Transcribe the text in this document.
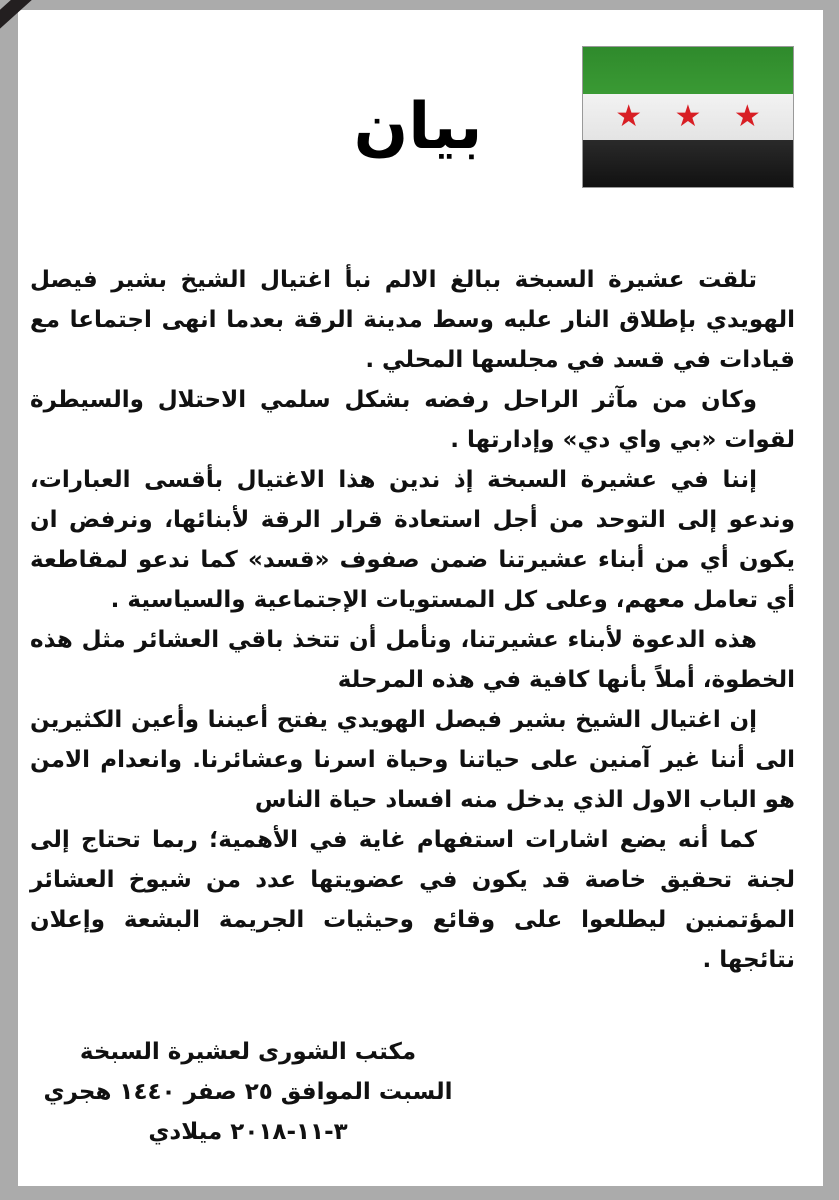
بيان	★ ★ ★

تلقت عشيرة السبخة ببالغ الالم نبأ اغتيال الشيخ بشير فيصل الهويدي بإطلاق النار عليه وسط مدينة الرقة بعدما انهى اجتماعا مع قيادات في قسد في مجلسها المحلي .

وكان من مآثر الراحل رفضه بشكل سلمي الاحتلال والسيطرة لقوات «بي واي دي» وإدارتها .

إننا في عشيرة السبخة إذ ندين هذا الاغتيال بأقسى العبارات، وندعو إلى التوحد من أجل استعادة قرار الرقة لأبنائها، ونرفض ان يكون أي من أبناء عشيرتنا ضمن صفوف «قسد» كما ندعو لمقاطعة أي تعامل معهم، وعلى كل المستويات الإجتماعية والسياسية .

هذه الدعوة لأبناء عشيرتنا، ونأمل أن تتخذ باقي العشائر مثل هذه الخطوة، أملاً بأنها كافية في هذه المرحلة

إن اغتيال الشيخ بشير فيصل الهويدي يفتح أعيننا وأعين الكثيرين الى أننا غير آمنين على حياتنا وحياة اسرنا وعشائرنا. وانعدام الامن هو الباب الاول الذي يدخل منه افساد حياة الناس

كما أنه يضع اشارات استفهام غاية في الأهمية؛ ربما تحتاج إلى لجنة تحقيق خاصة قد يكون في عضويتها عدد من شيوخ العشائر المؤتمنين ليطلعوا على وقائع وحيثيات الجريمة البشعة وإعلان نتائجها .

مكتب الشورى لعشيرة السبخة
السبت الموافق ٢٥ صفر ١٤٤٠ هجري
٣-١١-٢٠١٨ ميلادي
